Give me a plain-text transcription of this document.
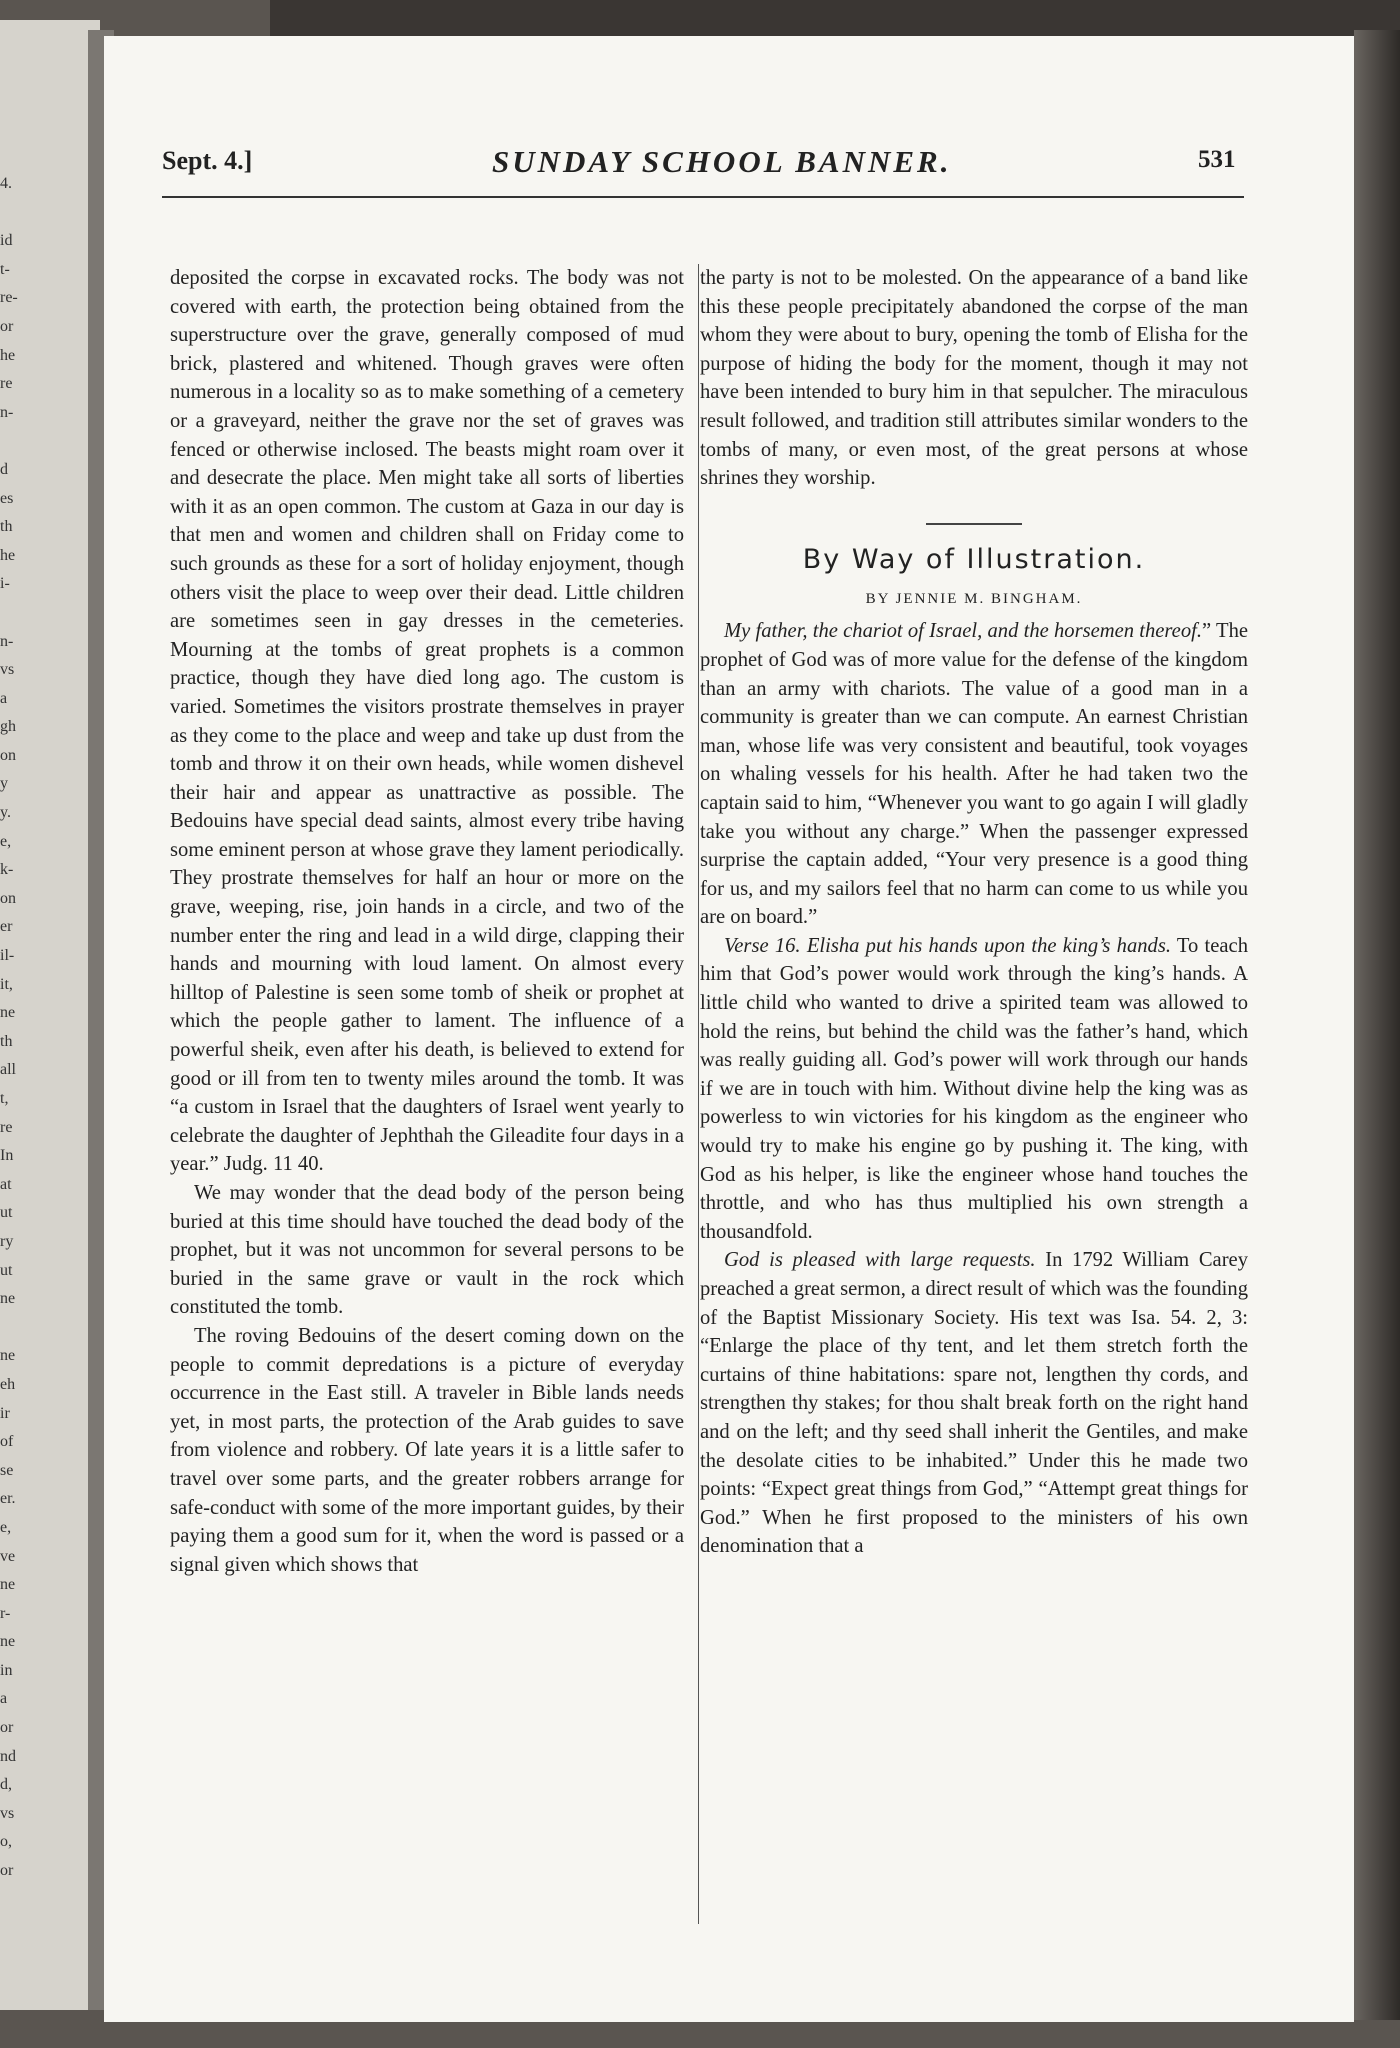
4.

id
t-
re-
or
he
re
n-

d
es
th
he
i-

n-
vs
a
gh
on
y
y.
e,
k-
on
er
il-
it,
ne
th
all
t,
re
In
at
ut
ry
ut
ne

ne
eh
ir
of
se
er.
e,
ve
ne
r-
ne
in
a
or
nd
d,
vs
o,
or
Sept. 4.]	SUNDAY SCHOOL BANNER.	531

deposited the corpse in excavated rocks. The body was not covered with earth, the protection being obtained from the superstructure over the grave, generally composed of mud brick, plastered and whitened. Though graves were often numerous in a locality so as to make something of a cemetery or a graveyard, neither the grave nor the set of graves was fenced or otherwise inclosed. The beasts might roam over it and desecrate the place. Men might take all sorts of liberties with it as an open common. The custom at Gaza in our day is that men and women and children shall on Friday come to such grounds as these for a sort of holiday enjoyment, though others visit the place to weep over their dead. Little children are sometimes seen in gay dresses in the cemeteries. Mourning at the tombs of great prophets is a common practice, though they have died long ago. The custom is varied. Sometimes the visitors prostrate themselves in prayer as they come to the place and weep and take up dust from the tomb and throw it on their own heads, while women dishevel their hair and appear as unattractive as possible. The Bedouins have special dead saints, almost every tribe having some eminent person at whose grave they lament periodically. They prostrate themselves for half an hour or more on the grave, weeping, rise, join hands in a circle, and two of the number enter the ring and lead in a wild dirge, clapping their hands and mourning with loud lament. On almost every hilltop of Palestine is seen some tomb of sheik or prophet at which the people gather to lament. The influence of a powerful sheik, even after his death, is believed to extend for good or ill from ten to twenty miles around the tomb. It was “a custom in Israel that the daughters of Israel went yearly to celebrate the daughter of Jephthah the Gileadite four days in a year.” Judg. 11 40.

We may wonder that the dead body of the person being buried at this time should have touched the dead body of the prophet, but it was not uncommon for several persons to be buried in the same grave or vault in the rock which constituted the tomb.

The roving Bedouins of the desert coming down on the people to commit depredations is a picture of everyday occurrence in the East still. A traveler in Bible lands needs yet, in most parts, the protection of the Arab guides to save from violence and robbery. Of late years it is a little safer to travel over some parts, and the greater robbers arrange for safe-conduct with some of the more important guides, by their paying them a good sum for it, when the word is passed or a signal given which shows that

the party is not to be molested. On the appearance of a band like this these people precipitately abandoned the corpse of the man whom they were about to bury, opening the tomb of Elisha for the purpose of hiding the body for the moment, though it may not have been intended to bury him in that sepulcher. The miraculous result followed, and tradition still attributes similar wonders to the tombs of many, or even most, of the great persons at whose shrines they worship.

By Way of Illustration.
BY JENNIE M. BINGHAM.

My father, the chariot of Israel, and the horsemen thereof.” The prophet of God was of more value for the defense of the kingdom than an army with chariots. The value of a good man in a community is greater than we can compute. An earnest Christian man, whose life was very consistent and beautiful, took voyages on whaling vessels for his health. After he had taken two the captain said to him, “Whenever you want to go again I will gladly take you without any charge.” When the passenger expressed surprise the captain added, “Your very presence is a good thing for us, and my sailors feel that no harm can come to us while you are on board.”

Verse 16. Elisha put his hands upon the king’s hands. To teach him that God’s power would work through the king’s hands. A little child who wanted to drive a spirited team was allowed to hold the reins, but behind the child was the father’s hand, which was really guiding all. God’s power will work through our hands if we are in touch with him. Without divine help the king was as powerless to win victories for his kingdom as the engineer who would try to make his engine go by pushing it. The king, with God as his helper, is like the engineer whose hand touches the throttle, and who has thus multiplied his own strength a thousandfold.

God is pleased with large requests. In 1792 William Carey preached a great sermon, a direct result of which was the founding of the Baptist Missionary Society. His text was Isa. 54. 2, 3: “Enlarge the place of thy tent, and let them stretch forth the curtains of thine habitations: spare not, lengthen thy cords, and strengthen thy stakes; for thou shalt break forth on the right hand and on the left; and thy seed shall inherit the Gentiles, and make the desolate cities to be inhabited.” Under this he made two points: “Expect great things from God,” “Attempt great things for God.” When he first proposed to the ministers of his own denomination that a
